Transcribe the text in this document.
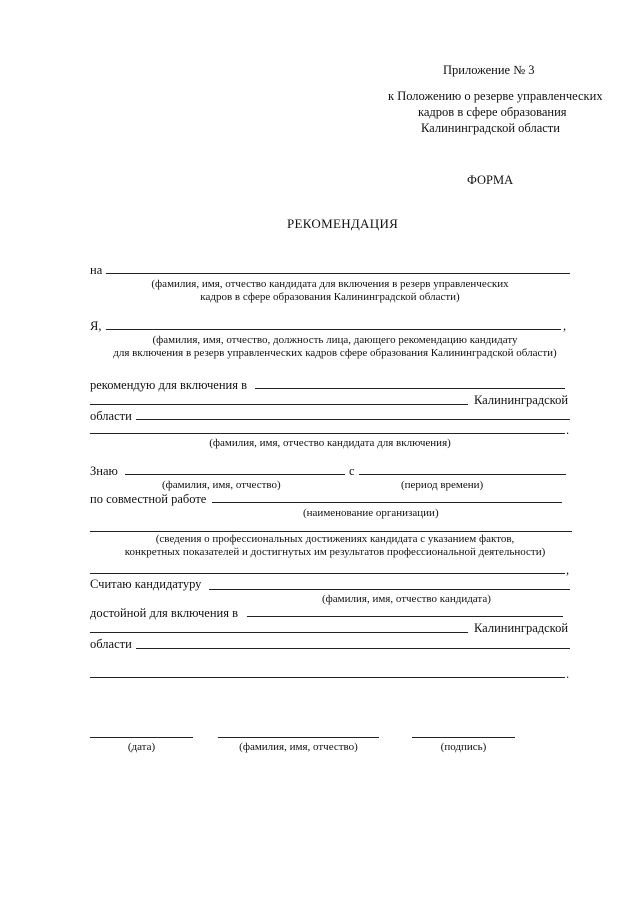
Приложение № 3
к Положению о резерве управленческих
кадров в сфере образования
Калининградской области
ФОРМА
РЕКОМЕНДАЦИЯ
на
(фамилия, имя, отчество кандидата для включения в резерв управленческих
кадров в сфере образования Калининградской области)
Я,	,
(фамилия, имя, отчество, должность лица, дающего рекомендацию кандидату
для включения в резерв управленческих кадров сфере образования Калининградской области)
рекомендую для включения в
Калининградской
области
.
(фамилия, имя, отчество кандидата для включения)
Знаю	с
(фамилия, имя, отчество)	(период времени)
по совместной работе
(наименование организации)
(сведения о профессиональных достижениях кандидата с указанием фактов,
конкретных показателей и достигнутых им результатов профессиональной деятельности)
,
Считаю кандидатуру
(фамилия, имя, отчество кандидата)
достойной для включения в
Калининградской
области
.
(дата)	(фамилия, имя, отчество)	(подпись)
